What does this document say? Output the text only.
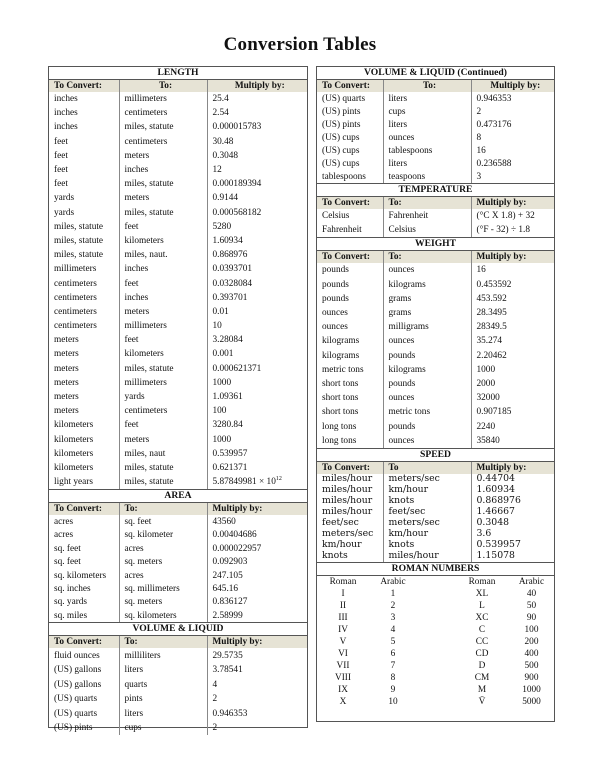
Conversion Tables
LENGTH
To Convert:	To:	Multiply by:
inches	millimeters	25.4
inches	centimeters	2.54
inches	miles, statute	0.000015783
feet	centimeters	30.48
feet	meters	0.3048
feet	inches	12
feet	miles, statute	0.000189394
yards	meters	0.9144
yards	miles, statute	0.000568182
miles, statute	feet	5280
miles, statute	kilometers	1.60934
miles, statute	miles, naut.	0.868976
millimeters	inches	0.0393701
centimeters	feet	0.0328084
centimeters	inches	0.393701
centimeters	meters	0.01
centimeters	millimeters	10
meters	feet	3.28084
meters	kilometers	0.001
meters	miles, statute	0.000621371
meters	millimeters	1000
meters	yards	1.09361
meters	centimeters	100
kilometers	feet	3280.84
kilometers	meters	1000
kilometers	miles, naut	0.539957
kilometers	miles, statute	0.621371
light years	miles, statute	$5.87849981 \times 10^{12}$
AREA
To Convert:	To:	Multiply by:
acres	sq. feet	43560
acres	sq. kilometer	0.00404686
sq. feet	acres	0.000022957
sq. feet	sq. meters	0.092903
sq. kilometers	acres	247.105
sq. inches	sq. millimeters	645.16
sq. yards	sq. meters	0.836127
sq. miles	sq. kilometers	2.58999
VOLUME & LIQUID
To Convert:	To:	Multiply by:
fluid ounces	milliliters	29.5735
(US) gallons	liters	3.78541
(US) gallons	quarts	4
(US) quarts	pints	2
(US) quarts	liters	0.946353
(US) pints	cups	2
VOLUME & LIQUID (Continued)
To Convert:	To:	Multiply by:
(US) quarts	liters	0.946353
(US) pints	cups	2
(US) pints	liters	0.473176
(US) cups	ounces	8
(US) cups	tablespoons	16
(US) cups	liters	0.236588
tablespoons	teaspoons	3
TEMPERATURE
To Convert:	To:	Multiply by:
Celsius	Fahrenheit	(°C X 1.8) + 32
Fahrenheit	Celsius	(°F - 32) ÷ 1.8
WEIGHT
To Convert:	To:	Multiply by:
pounds	ounces	16
pounds	kilograms	0.453592
pounds	grams	453.592
ounces	grams	28.3495
ounces	milligrams	28349.5
kilograms	ounces	35.274
kilograms	pounds	2.20462
metric tons	kilograms	1000
short tons	pounds	2000
short tons	ounces	32000
short tons	metric tons	0.907185
long tons	pounds	2240
long tons	ounces	35840
SPEED
To Convert:	To	Multiply by:
miles/hour	meters/sec	0.44704
miles/hour	km/hour	1.60934
miles/hour	knots	0.868976
miles/hour	feet/sec	1.46667
feet/sec	meters/sec	0.3048
meters/sec	km/hour	3.6
km/hour	knots	0.539957
knots	miles/hour	1.15078
ROMAN NUMBERS
Roman	Arabic		Roman	Arabic
I	1		XL	40
II	2		L	50
III	3		XC	90
IV	4		C	100
V	5		CC	200
VI	6		CD	400
VII	7		D	500
VIII	8		CM	900
IX	9		M	1000
X	10		V̄	5000
